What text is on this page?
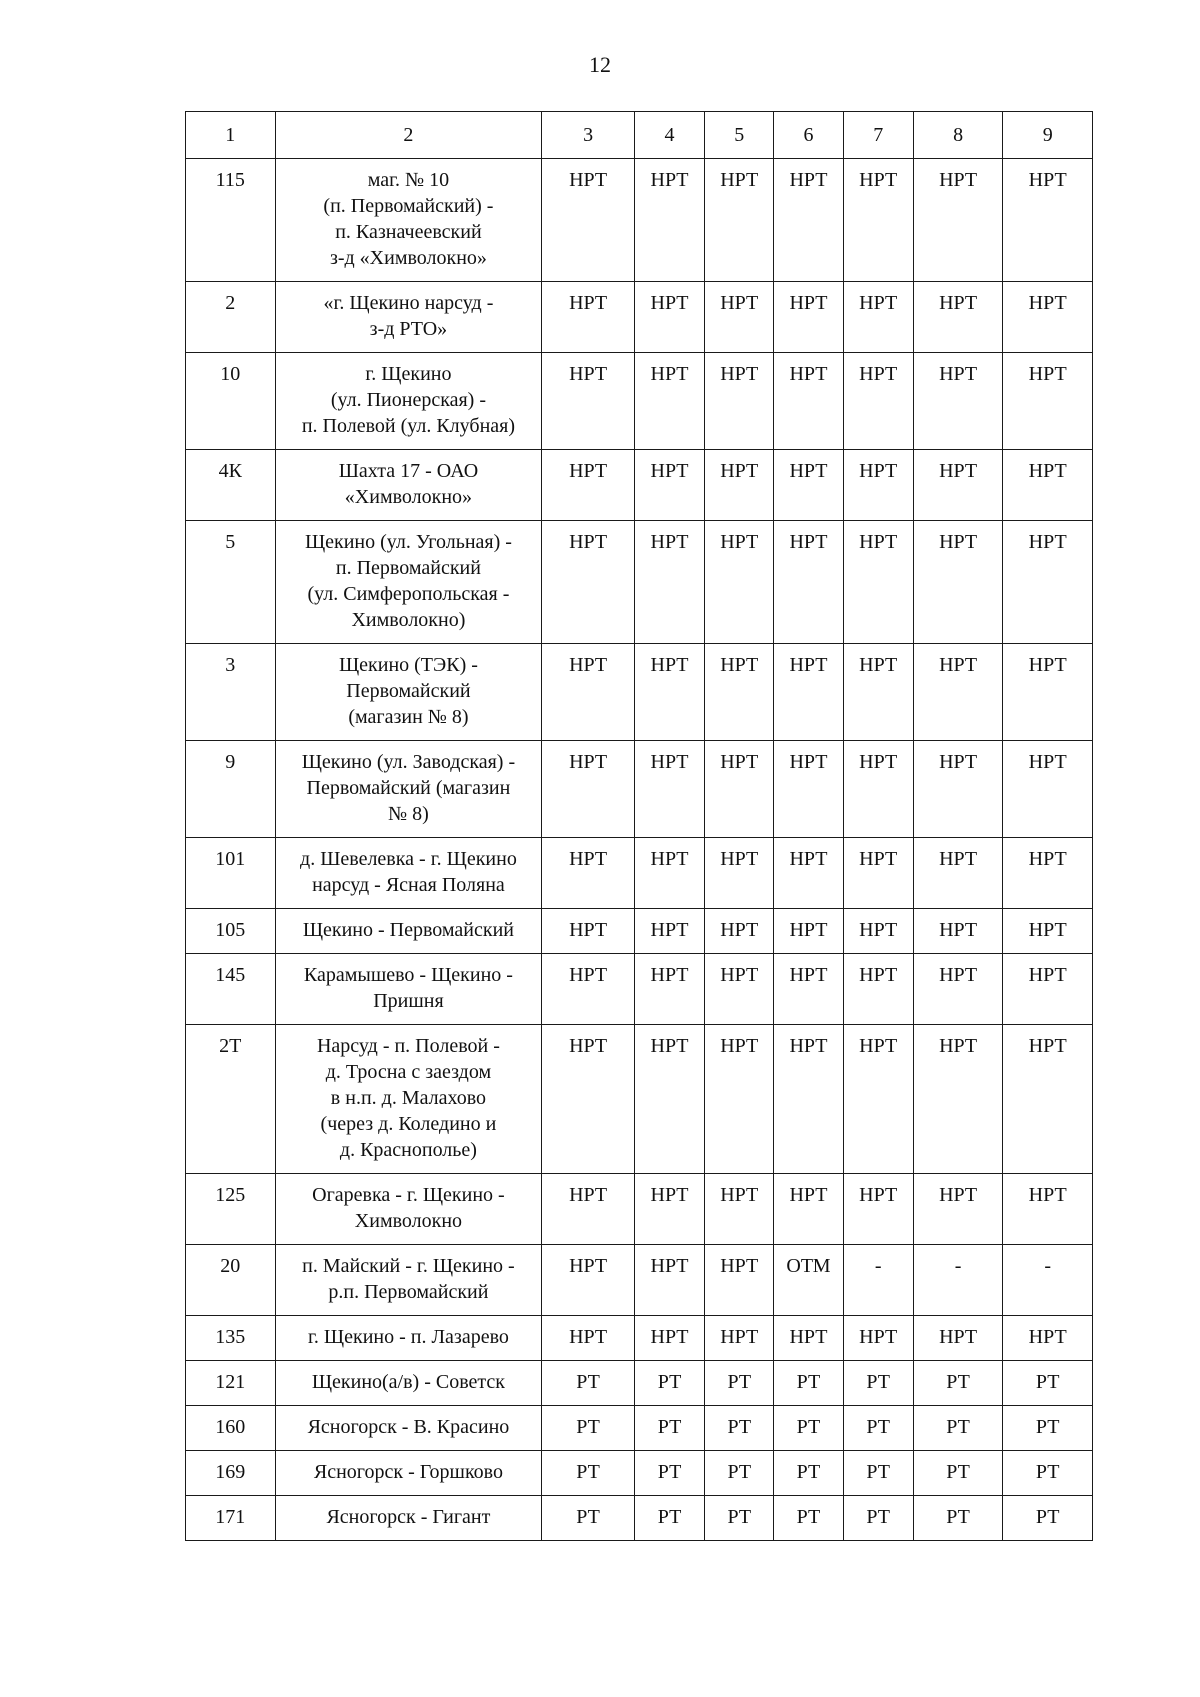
12
1	2	3	4	5	6	7	8	9
115	маг. № 10
(п. Первомайский) -
п. Казначеевский
з-д «Химволокно»	НРТ	НРТ	НРТ	НРТ	НРТ	НРТ	НРТ
2	«г. Щекино нарсуд -
з-д РТО»	НРТ	НРТ	НРТ	НРТ	НРТ	НРТ	НРТ
10	г. Щекино
(ул. Пионерская) -
п. Полевой (ул. Клубная)	НРТ	НРТ	НРТ	НРТ	НРТ	НРТ	НРТ
4К	Шахта 17 - ОАО
«Химволокно»	НРТ	НРТ	НРТ	НРТ	НРТ	НРТ	НРТ
5	Щекино (ул. Угольная) -
п. Первомайский
(ул. Симферопольская -
Химволокно)	НРТ	НРТ	НРТ	НРТ	НРТ	НРТ	НРТ
3	Щекино (ТЭК) -
Первомайский
(магазин № 8)	НРТ	НРТ	НРТ	НРТ	НРТ	НРТ	НРТ
9	Щекино (ул. Заводская) -
Первомайский (магазин
№ 8)	НРТ	НРТ	НРТ	НРТ	НРТ	НРТ	НРТ
101	д. Шевелевка - г. Щекино
нарсуд - Ясная Поляна	НРТ	НРТ	НРТ	НРТ	НРТ	НРТ	НРТ
105	Щекино - Первомайский	НРТ	НРТ	НРТ	НРТ	НРТ	НРТ	НРТ
145	Карамышево - Щекино -
Пришня	НРТ	НРТ	НРТ	НРТ	НРТ	НРТ	НРТ
2Т	Нарсуд - п. Полевой -
д. Тросна с заездом
в н.п. д. Малахово
(через д. Коледино и
д. Краснополье)	НРТ	НРТ	НРТ	НРТ	НРТ	НРТ	НРТ
125	Огаревка - г. Щекино -
Химволокно	НРТ	НРТ	НРТ	НРТ	НРТ	НРТ	НРТ
20	п. Майский - г. Щекино -
р.п. Первомайский	НРТ	НРТ	НРТ	ОТМ	-	-	-
135	г. Щекино - п. Лазарево	НРТ	НРТ	НРТ	НРТ	НРТ	НРТ	НРТ
121	Щекино(а/в) - Советск	РТ	РТ	РТ	РТ	РТ	РТ	РТ
160	Ясногорск - В. Красино	РТ	РТ	РТ	РТ	РТ	РТ	РТ
169	Ясногорск - Горшково	РТ	РТ	РТ	РТ	РТ	РТ	РТ
171	Ясногорск - Гигант	РТ	РТ	РТ	РТ	РТ	РТ	РТ
